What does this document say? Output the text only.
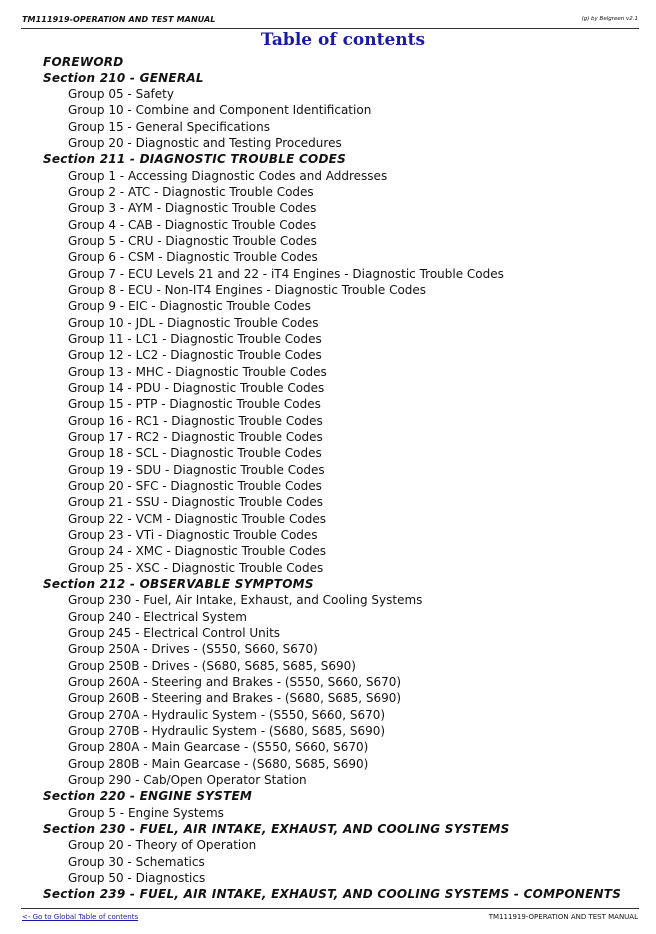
TM111919-OPERATION AND TEST MANUAL	(g) by Belgreen v2.1
Table of contents
FOREWORD
Section 210 - GENERAL
Group 05 - Safety
Group 10 - Combine and Component Identification
Group 15 - General Specifications
Group 20 - Diagnostic and Testing Procedures
Section 211 - DIAGNOSTIC TROUBLE CODES
Group 1 - Accessing Diagnostic Codes and Addresses
Group 2 - ATC - Diagnostic Trouble Codes
Group 3 - AYM - Diagnostic Trouble Codes
Group 4 - CAB - Diagnostic Trouble Codes
Group 5 - CRU - Diagnostic Trouble Codes
Group 6 - CSM - Diagnostic Trouble Codes
Group 7 - ECU Levels 21 and 22 - iT4 Engines - Diagnostic Trouble Codes
Group 8 - ECU - Non-IT4 Engines - Diagnostic Trouble Codes
Group 9 - EIC - Diagnostic Trouble Codes
Group 10 - JDL - Diagnostic Trouble Codes
Group 11 - LC1 - Diagnostic Trouble Codes
Group 12 - LC2 - Diagnostic Trouble Codes
Group 13 - MHC - Diagnostic Trouble Codes
Group 14 - PDU - Diagnostic Trouble Codes
Group 15 - PTP - Diagnostic Trouble Codes
Group 16 - RC1 - Diagnostic Trouble Codes
Group 17 - RC2 - Diagnostic Trouble Codes
Group 18 - SCL - Diagnostic Trouble Codes
Group 19 - SDU - Diagnostic Trouble Codes
Group 20 - SFC - Diagnostic Trouble Codes
Group 21 - SSU - Diagnostic Trouble Codes
Group 22 - VCM - Diagnostic Trouble Codes
Group 23 - VTi - Diagnostic Trouble Codes
Group 24 - XMC - Diagnostic Trouble Codes
Group 25 - XSC - Diagnostic Trouble Codes
Section 212 - OBSERVABLE SYMPTOMS
Group 230 - Fuel, Air Intake, Exhaust, and Cooling Systems
Group 240 - Electrical System
Group 245 - Electrical Control Units
Group 250A - Drives - (S550, S660, S670)
Group 250B - Drives - (S680, S685, S685, S690)
Group 260A - Steering and Brakes - (S550, S660, S670)
Group 260B - Steering and Brakes - (S680, S685, S690)
Group 270A - Hydraulic System - (S550, S660, S670)
Group 270B - Hydraulic System - (S680, S685, S690)
Group 280A - Main Gearcase - (S550, S660, S670)
Group 280B - Main Gearcase - (S680, S685, S690)
Group 290 - Cab/Open Operator Station
Section 220 - ENGINE SYSTEM
Group 5 - Engine Systems
Section 230 - FUEL, AIR INTAKE, EXHAUST, AND COOLING SYSTEMS
Group 20 - Theory of Operation
Group 30 - Schematics
Group 50 - Diagnostics
Section 239 - FUEL, AIR INTAKE, EXHAUST, AND COOLING SYSTEMS - COMPONENTS
<- Go to Global Table of contents	TM111919-OPERATION AND TEST MANUAL
